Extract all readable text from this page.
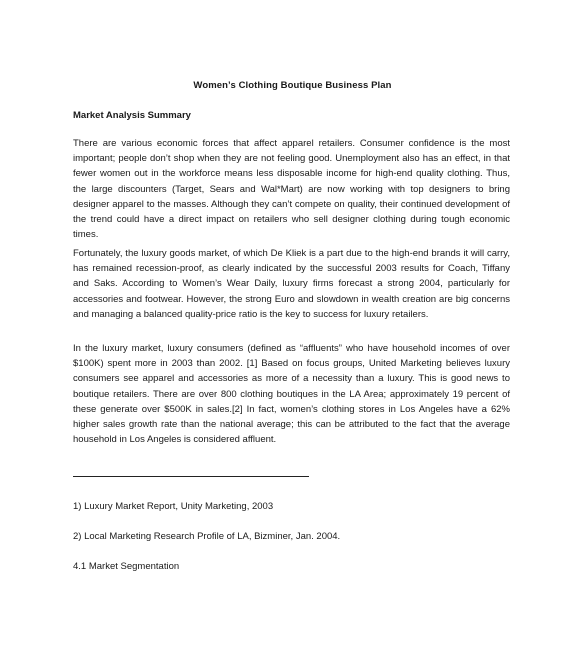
Women’s Clothing Boutique Business Plan
Market Analysis Summary

There are various economic forces that affect apparel retailers. Consumer confidence is the most important; people don’t shop when they are not feeling good. Unemployment also has an effect, in that fewer women out in the workforce means less disposable income for high-end quality clothing. Thus, the large discounters (Target, Sears and Wal*Mart) are now working with top designers to bring designer apparel to the masses. Although they can’t compete on quality, their continued development of the trend could have a direct impact on retailers who sell designer clothing during tough economic times.

Fortunately, the luxury goods market, of which De Kliek is a part due to the high-end brands it will carry, has remained recession-proof, as clearly indicated by the successful 2003 results for Coach, Tiffany and Saks. According to Women’s Wear Daily, luxury firms forecast a strong 2004, particularly for accessories and footwear. However, the strong Euro and slowdown in wealth creation are big concerns and managing a balanced quality-price ratio is the key to success for luxury retailers.

In the luxury market, luxury consumers (defined as “affluents” who have household incomes of over $100K) spent more in 2003 than 2002. [1] Based on focus groups, United Marketing believes luxury consumers see apparel and accessories as more of a necessity than a luxury. This is good news to boutique retailers. There are over 800 clothing boutiques in the LA Area; approximately 19 percent of these generate over $500K in sales.[2] In fact, women’s clothing stores in Los Angeles have a 62% higher sales growth rate than the national average; this can be attributed to the fact that the average household in Los Angeles is considered affluent.

1) Luxury Market Report, Unity Marketing, 2003
2) Local Marketing Research Profile of LA, Bizminer, Jan. 2004.
4.1 Market Segmentation
